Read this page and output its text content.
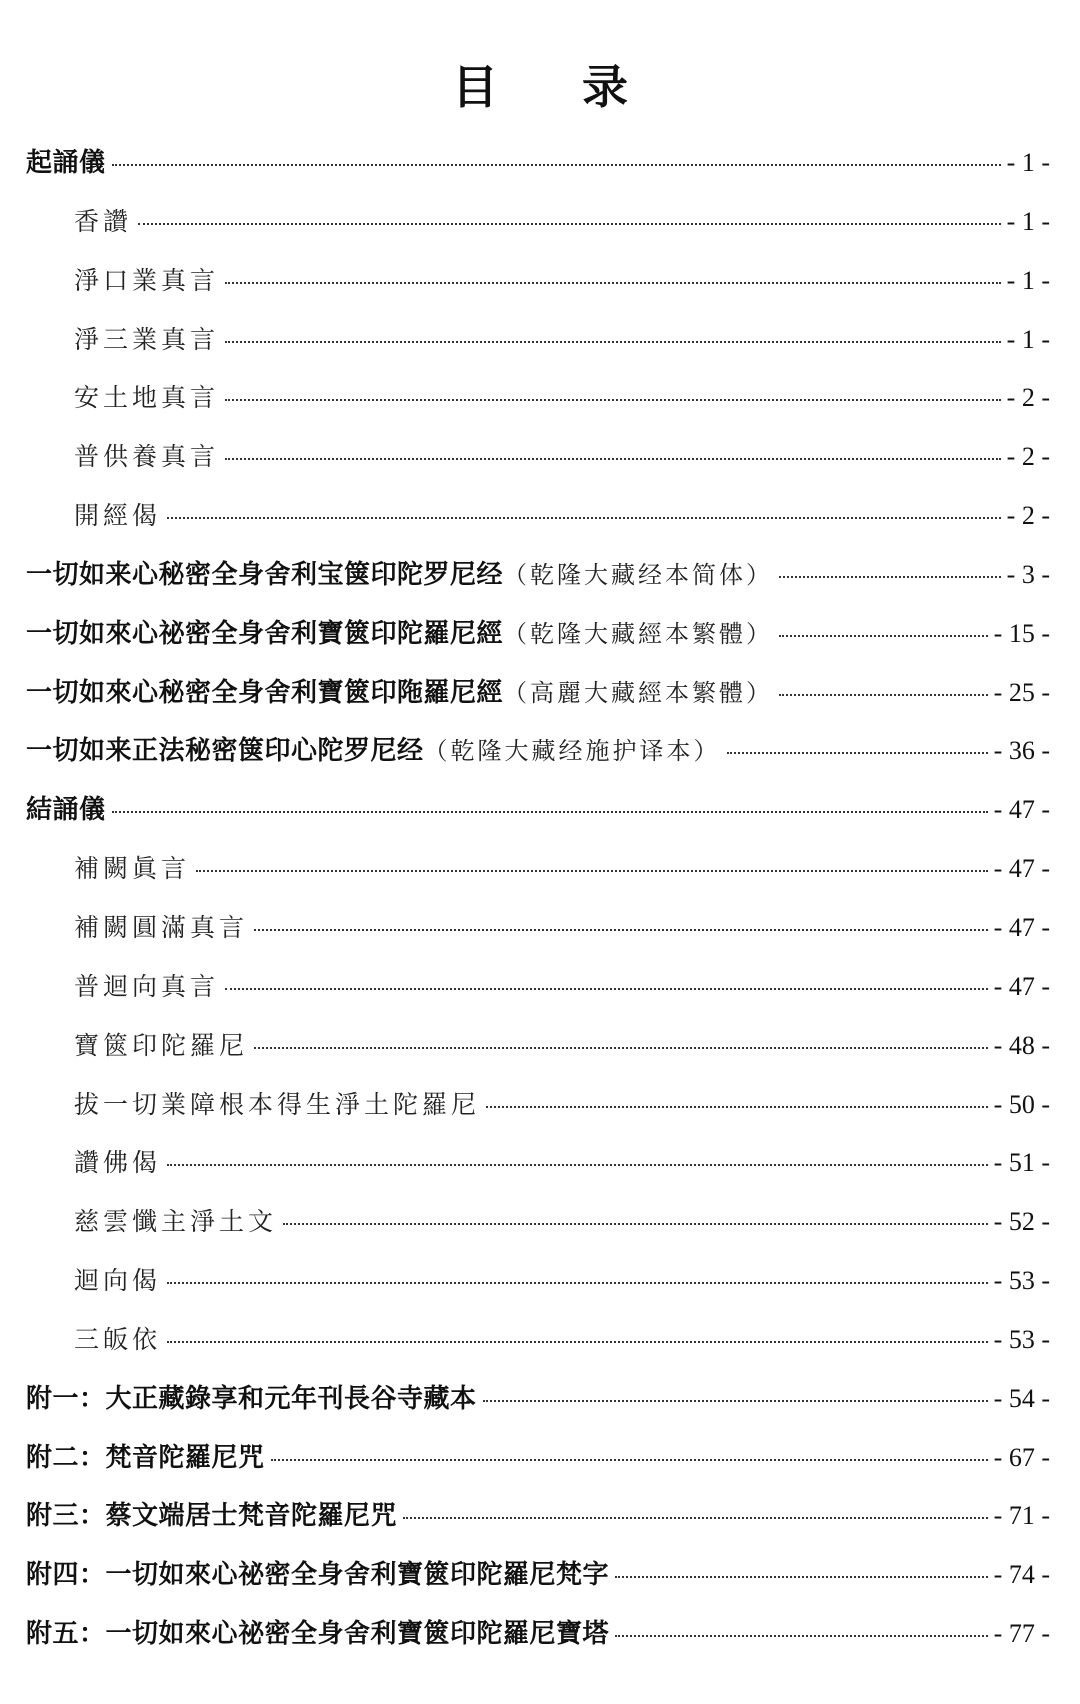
目 录
起誦儀	- 1 -
香讚	- 1 -
淨口業真言	- 1 -
淨三業真言	- 1 -
安土地真言	- 2 -
普供養真言	- 2 -
開經偈	- 2 -
一切如来心秘密全身舍利宝箧印陀罗尼经 （乾隆大藏经本简体）	- 3 -
一切如來心祕密全身舍利寶篋印陀羅尼經 （乾隆大藏經本繁體）	- 15 -
一切如來心秘密全身舍利寶篋印陁羅尼經 （高麗大藏經本繁體）	- 25 -
一切如来正法秘密箧印心陀罗尼经 （乾隆大藏经施护译本）	- 36 -
結誦儀	- 47 -
補闕眞言	- 47 -
補闕圓滿真言	- 47 -
普迴向真言	- 47 -
寶篋印陀羅尼	- 48 -
拔一切業障根本得生淨土陀羅尼	- 50 -
讚佛偈	- 51 -
慈雲懺主淨土文	- 52 -
迴向偈	- 53 -
三皈依	- 53 -
附一：大正藏錄享和元年刊長谷寺藏本	- 54 -
附二：梵音陀羅尼咒	- 67 -
附三：蔡文端居士梵音陀羅尼咒	- 71 -
附四：一切如來心祕密全身舍利寶篋印陀羅尼梵字	- 74 -
附五：一切如來心祕密全身舍利寶篋印陀羅尼寶塔	- 77 -
